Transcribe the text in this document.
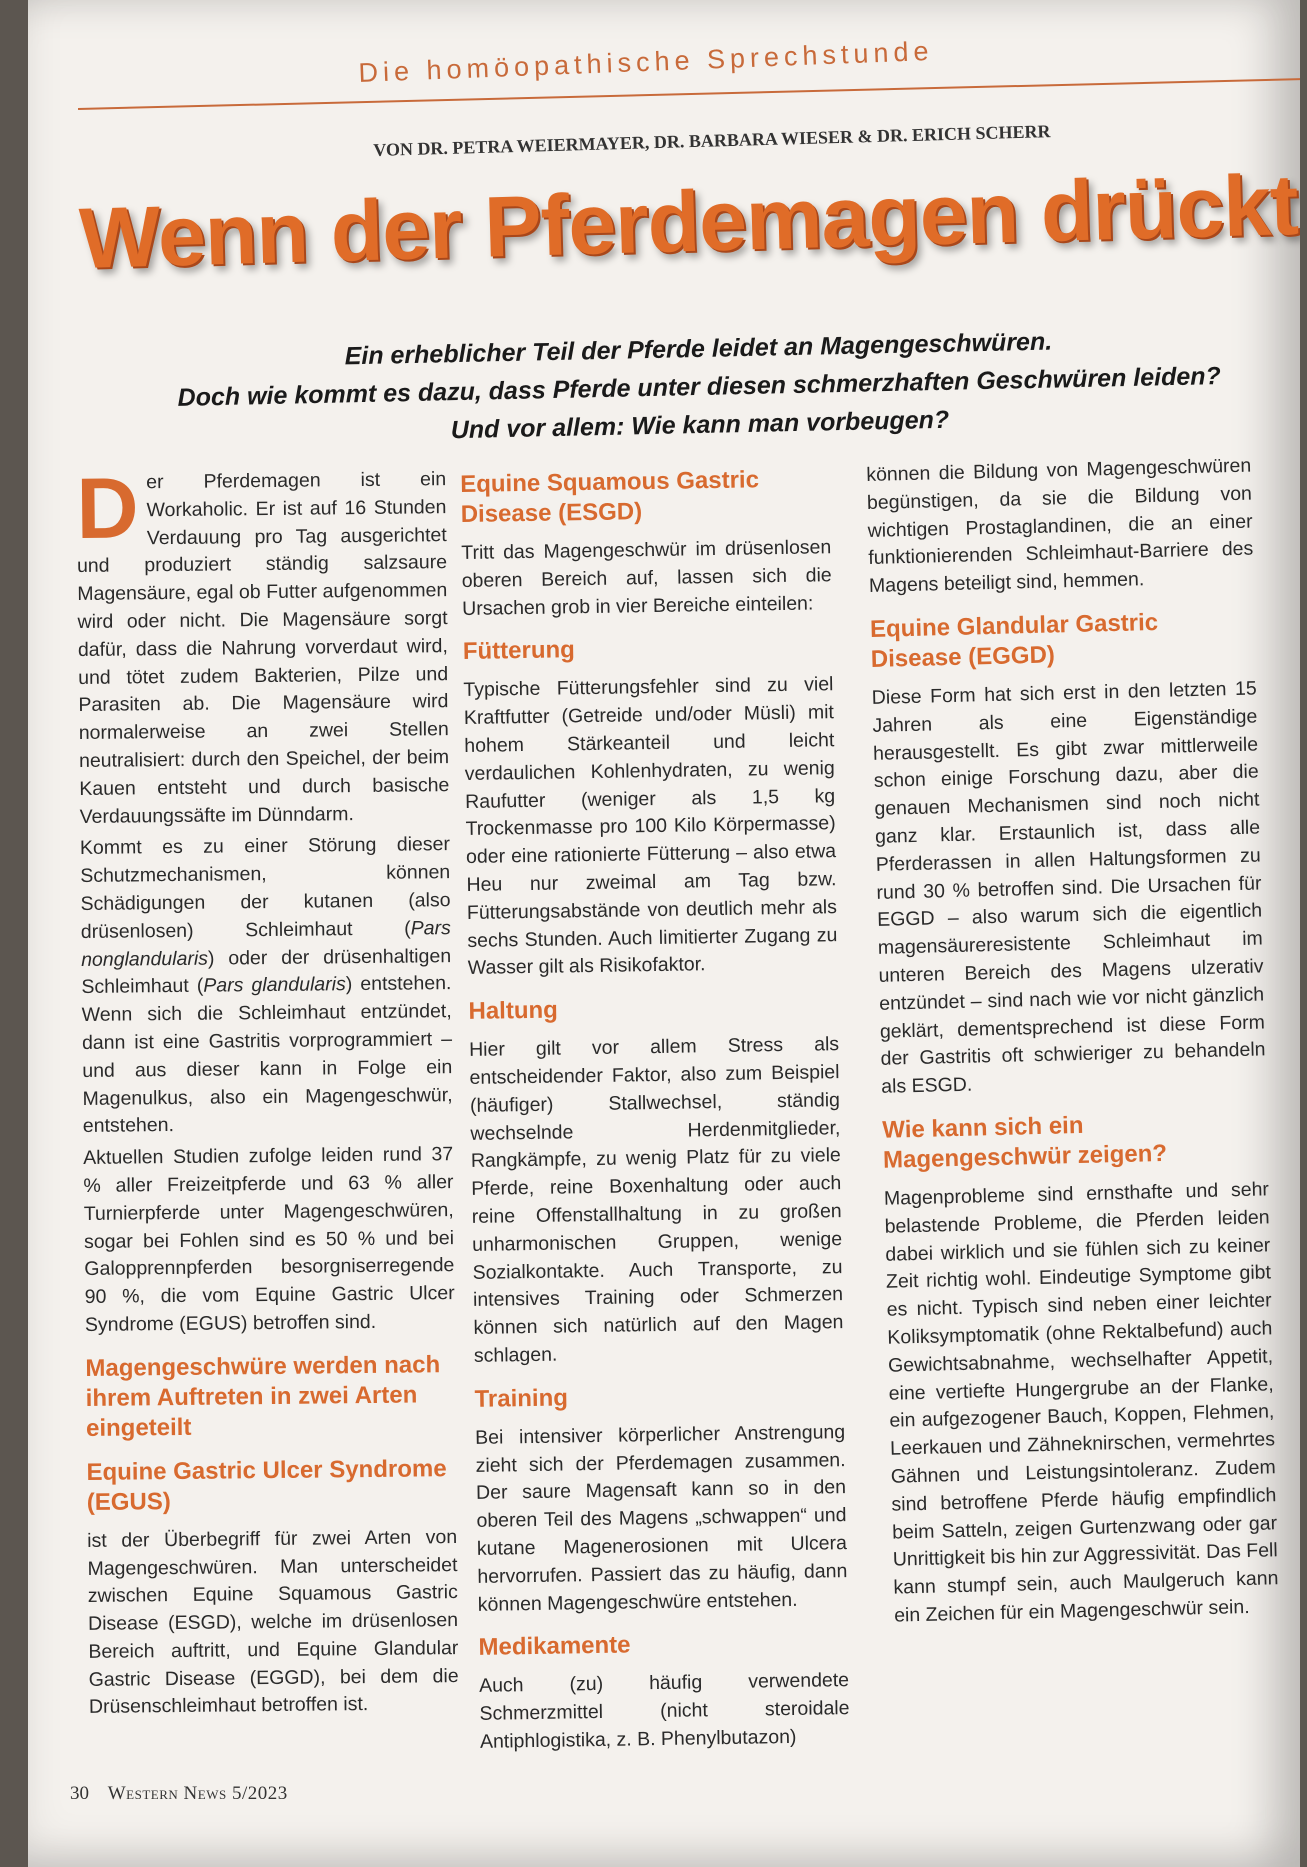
Die homöopathische Sprechstunde
VON DR. PETRA WEIERMAYER, DR. BARBARA WIESER & DR. ERICH SCHERR
Wenn der Pferdemagen drückt
Ein erheblicher Teil der Pferde leidet an Magengeschwüren.
Doch wie kommt es dazu, dass Pferde unter diesen schmerzhaften Geschwüren leiden?
Und vor allem: Wie kann man vorbeugen?

Der Pferdemagen ist ein Workaholic. Er ist auf 16 Stunden Verdauung pro Tag ausgerichtet und produziert ständig salzsaure Magensäure, egal ob Futter aufgenommen wird oder nicht. Die Magensäure sorgt dafür, dass die Nahrung vorverdaut wird, und tötet zudem Bakterien, Pilze und Parasiten ab. Die Magensäure wird normalerweise an zwei Stellen neutralisiert: durch den Speichel, der beim Kauen entsteht und durch basische Verdauungssäfte im Dünndarm.

Kommt es zu einer Störung dieser Schutzmechanismen, können Schädigungen der kutanen (also drüsenlosen) Schleimhaut (Pars nonglandularis) oder der drüsenhaltigen Schleimhaut (Pars glandularis) entstehen. Wenn sich die Schleimhaut entzündet, dann ist eine Gastritis vorprogrammiert – und aus dieser kann in Folge ein Magenulkus, also ein Magengeschwür, entstehen.

Aktuellen Studien zufolge leiden rund 37 % aller Freizeitpferde und 63 % aller Turnierpferde unter Magengeschwüren, sogar bei Fohlen sind es 50 % und bei Galopprennpferden besorgniserregende 90 %, die vom Equine Gastric Ulcer Syndrome (EGUS) betroffen sind.

Magengeschwüre werden nach ihrem Auftreten in zwei Arten eingeteilt
Equine Gastric Ulcer Syndrome (EGUS)

ist der Überbegriff für zwei Arten von Magengeschwüren. Man unterscheidet zwischen Equine Squamous Gastric Disease (ESGD), welche im drüsenlosen Bereich auftritt, und Equine Glandular Gastric Disease (EGGD), bei dem die Drüsenschleimhaut betroffen ist.

Equine Squamous Gastric Disease (ESGD)

Tritt das Magengeschwür im drüsenlosen oberen Bereich auf, lassen sich die Ursachen grob in vier Bereiche einteilen:

Fütterung

Typische Fütterungsfehler sind zu viel Kraftfutter (Getreide und/oder Müsli) mit hohem Stärkeanteil und leicht verdaulichen Kohlenhydraten, zu wenig Raufutter (weniger als 1,5 kg Trockenmasse pro 100 Kilo Körpermasse) oder eine rationierte Fütterung – also etwa Heu nur zweimal am Tag bzw. Fütterungsabstände von deutlich mehr als sechs Stunden. Auch limitierter Zugang zu Wasser gilt als Risikofaktor.

Haltung

Hier gilt vor allem Stress als entscheidender Faktor, also zum Beispiel (häufiger) Stallwechsel, ständig wechselnde Herdenmitglieder, Rangkämpfe, zu wenig Platz für zu viele Pferde, reine Boxenhaltung oder auch reine Offenstallhaltung in zu großen unharmonischen Gruppen, wenige Sozialkontakte. Auch Transporte, zu intensives Training oder Schmerzen können sich natürlich auf den Magen schlagen.

Training

Bei intensiver körperlicher Anstrengung zieht sich der Pferdemagen zusammen. Der saure Magensaft kann so in den oberen Teil des Magens „schwappen“ und kutane Magenerosionen mit Ulcera hervorrufen. Passiert das zu häufig, dann können Magengeschwüre entstehen.

Medikamente

Auch (zu) häufig verwendete Schmerzmittel (nicht steroidale Antiphlogistika, z. B. Phenylbutazon)

können die Bildung von Magengeschwüren begünstigen, da sie die Bildung von wichtigen Prostaglandinen, die an einer funktionierenden Schleimhaut-Barriere des Magens beteiligt sind, hemmen.

Equine Glandular Gastric Disease (EGGD)

Diese Form hat sich erst in den letzten 15 Jahren als eine Eigenständige herausgestellt. Es gibt zwar mittlerweile schon einige Forschung dazu, aber die genauen Mechanismen sind noch nicht ganz klar. Erstaunlich ist, dass alle Pferderassen in allen Haltungsformen zu rund 30 % betroffen sind. Die Ursachen für EGGD – also warum sich die eigentlich magensäureresistente Schleimhaut im unteren Bereich des Magens ulzerativ entzündet – sind nach wie vor nicht gänzlich geklärt, dementsprechend ist diese Form der Gastritis oft schwieriger zu behandeln als ESGD.

Wie kann sich ein Magengeschwür zeigen?

Magenprobleme sind ernsthafte und sehr belastende Probleme, die Pferden leiden dabei wirklich und sie fühlen sich zu keiner Zeit richtig wohl. Eindeutige Symptome gibt es nicht. Typisch sind neben einer leichter Koliksymptomatik (ohne Rektalbefund) auch Gewichtsabnahme, wechselhafter Appetit, eine vertiefte Hungergrube an der Flanke, ein aufgezogener Bauch, Koppen, Flehmen, Leerkauen und Zähneknirschen, vermehrtes Gähnen und Leistungsintoleranz. Zudem sind betroffene Pferde häufig empfindlich beim Satteln, zeigen Gurtenzwang oder gar Unrittigkeit bis hin zur Aggressivität. Das Fell kann stumpf sein, auch Maulgeruch kann ein Zeichen für ein Magengeschwür sein.

30 Western News 5/2023
